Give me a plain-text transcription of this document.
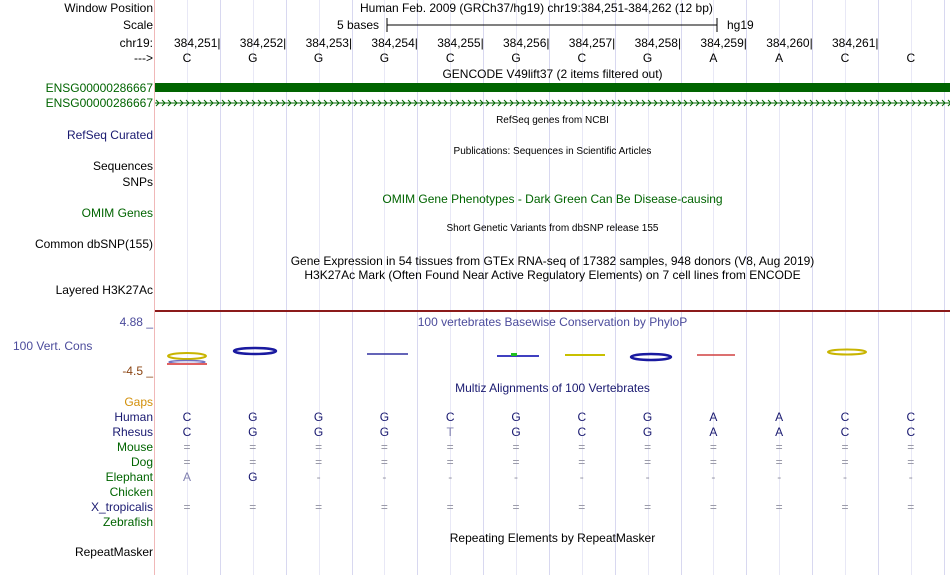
Window Position	Human Feb. 2009 (GRCh37/hg19) chr19:384,251-384,262 (12 bp)
Scale	5 bases	hg19
chr19: 384,251| 384,252| 384,253| 384,254| 384,255| 384,256| 384,257| 384,258| 384,259| 384,260| 384,261|
--->	C	G	G	G	C	G	C	G	A	A	C	C
GENCODE V49lift37 (2 items filtered out)
ENSG00000286667
ENSG00000286667
RefSeq genes from NCBI
RefSeq Curated
Publications: Sequences in Scientific Articles
Sequences
SNPs
OMIM Gene Phenotypes - Dark Green Can Be Disease-causing
OMIM Genes
Short Genetic Variants from dbSNP release 155
Common dbSNP(155)
Gene Expression in 54 tissues from GTEx RNA-seq of 17382 samples, 948 donors (V8, Aug 2019)
H3K27Ac Mark (Often Found Near Active Regulatory Elements) on 7 cell lines from ENCODE
Layered H3K27Ac
4.88 _	100 vertebrates Basewise Conservation by PhyloP
100 Vert. Cons
-4.5 _
Multiz Alignments of 100 Vertebrates
Gaps
Human	C	G	G	G	C	G	C	G	A	A	C	C
Rhesus	C	G	G	G	T	G	C	G	A	A	C	C
Mouse	=	=	=	=	=	=	=	=	=	=	=	=
Dog	=	=	=	=	=	=	=	=	=	=	=	=
Elephant	A	G	-	-	-	-	-	-	-	-	-	-
Chicken
X_tropicalis	=	=	=	=	=	=	=	=	=	=	=	=
Zebrafish
Repeating Elements by RepeatMasker
RepeatMasker
